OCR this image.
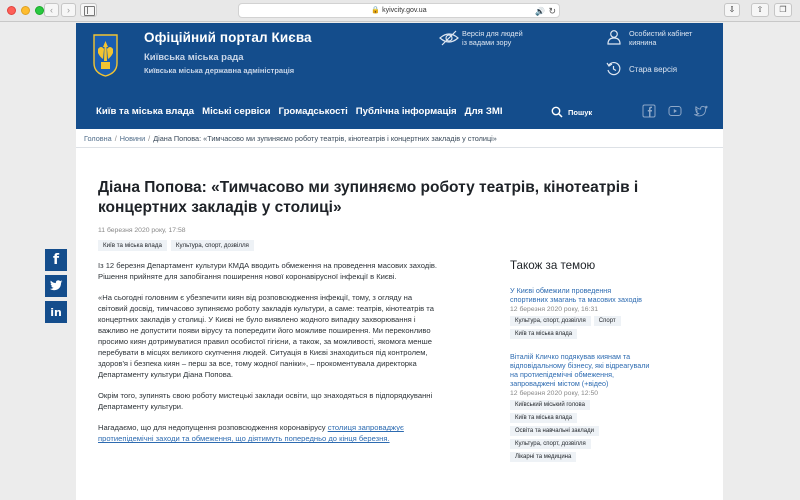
‹	›	🔒 kyivcity.gov.ua	🔊 ↻	⇩	⇧	❐
Офіційний портал Києва
Київська міська рада
Київська міська державна адміністрація
Версія для людей
із вадами зору
Особистий кабінет
киянина
Стара версія
Київ та міська влада Міські сервіси Громадськості Публічна інформація Для ЗМІ	Пошук
Головна / Новини / Діана Попова: «Тимчасово ми зупиняємо роботу театрів, кінотеатрів і концертних закладів у столиці»
Діана Попова: «Тимчасово ми зупиняємо роботу театрів, кінотеатрів і концертних закладів у столиці»
11 березня 2020 року, 17:58
Київ та міська влада	Культура, спорт, дозвілля

Із 12 березня Департамент культури КМДА вводить обмеження на проведення масових заходів. Рішення прийняте для запобігання поширення нової коронавірусної інфекції в Києві.

«На сьогодні головним є убезпечити киян від розповсюдження інфекції, тому, з огляду на світовий досвід, тимчасово зупиняємо роботу закладів культури, а саме: театрів, кінотеатрів та концертних закладів у столиці. У Києві не було виявлено жодного випадку захворювання і важливо не допустити появи вірусу та попередити його можливе поширення. Ми переконливо просимо киян дотримуватися правил особистої гігієни, а також, за можливості, якомога менше перебувати в місцях великого скупчення людей. Ситуація в Києві знаходиться під контролем, здоров'я і безпека киян – перш за все, тому жодної паніки», – прокоментувала директорка Департаменту культури Діана Попова.

Окрім того, зупинять свою роботу мистецькі заклади освіти, що знаходяться в підпорядкуванні Департаменту культури.

Нагадаємо, що для недопущення розповсюдження коронавірусу столиця запроваджує протиепідемічні заходи та обмеження, що діятимуть попередньо до кінця березня.

Також за темою
У Києві обмежили проведення спортивних змагань та масових заходів
12 березня 2020 року, 16:31
Культура, спорт, дозвілля	Спорт
Київ та міська влада
Віталій Кличко подякував киянам та відповідальному бізнесу, які відреагували на протиепідемічні обмеження, запроваджені містом (+відео)
12 березня 2020 року, 12:50
Київський міський голова
Київ та міська влада
Освіта та навчальні заклади
Культура, спорт, дозвілля
Лікарні та медицина
f
in
